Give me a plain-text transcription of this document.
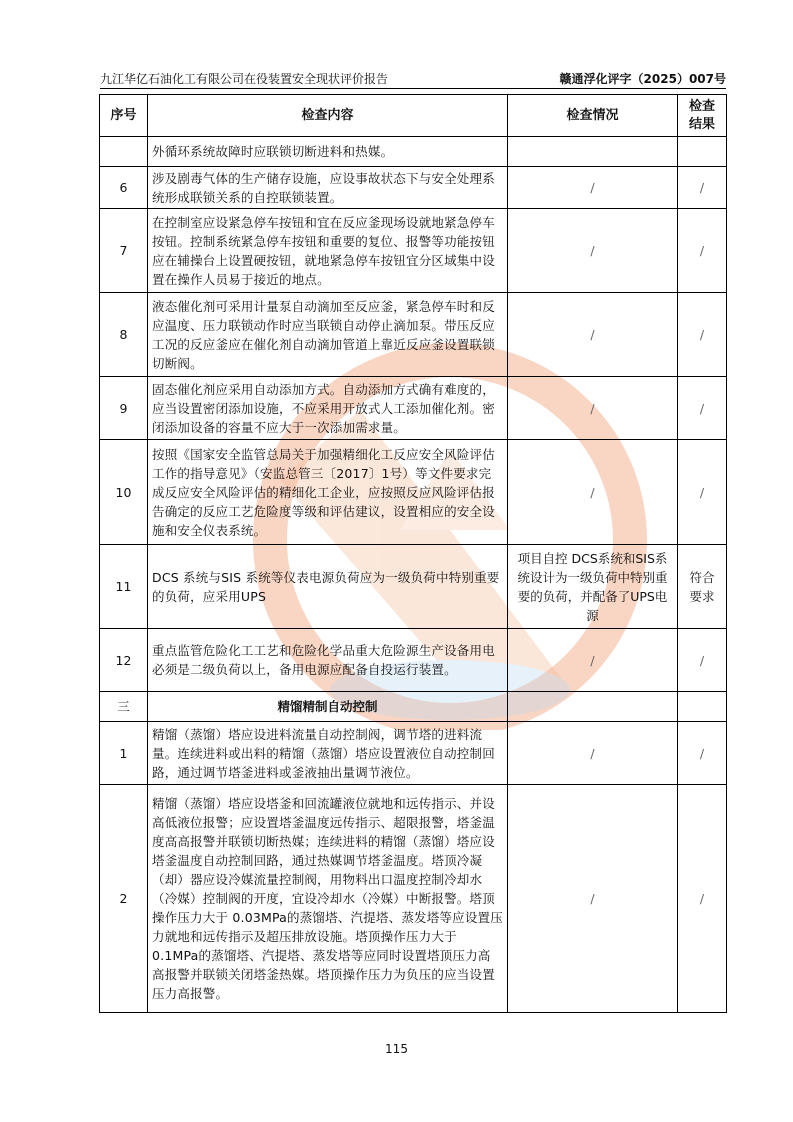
九江华亿石油化工有限公司在役装置安全现状评价报告	赣通浮化评字（2025）007号
序号	检查内容	检查情况	检查结果
	外循环系统故障时应联锁切断进料和热媒。		
6	涉及剧毒气体的生产储存设施，应设事故状态下与安全处理系统形成联锁关系的自控联锁装置。	/	/
7	在控制室应设紧急停车按钮和宜在反应釜现场设就地紧急停车按钮。控制系统紧急停车按钮和重要的复位、报警等功能按钮应在辅操台上设置硬按钮，就地紧急停车按钮宜分区域集中设置在操作人员易于接近的地点。	/	/
8	液态催化剂可采用计量泵自动滴加至反应釜，紧急停车时和反应温度、压力联锁动作时应当联锁自动停止滴加泵。带压反应工况的反应釜应在催化剂自动滴加管道上靠近反应釜设置联锁切断阀。	/	/
9	固态催化剂应采用自动添加方式。自动添加方式确有难度的，应当设置密闭添加设施，不应采用开放式人工添加催化剂。密闭添加设备的容量不应大于一次添加需求量。	/	/
10	按照《国家安全监管总局关于加强精细化工反应安全风险评估工作的指导意见》（安监总管三〔2017〕1号）等文件要求完成反应安全风险评估的精细化工企业，应按照反应风险评估报告确定的反应工艺危险度等级和评估建议，设置相应的安全设施和安全仪表系统。	/	/
11	DCS 系统与SIS 系统等仪表电源负荷应为一级负荷中特别重要的负荷，应采用UPS	项目自控 DCS系统和SIS系统设计为一级负荷中特别重要的负荷，并配备了UPS电源	符合要求
12	重点监管危险化工工艺和危险化学品重大危险源生产设备用电必须是二级负荷以上，备用电源应配备自投运行装置。	/	/
三	精馏精制自动控制		
1	精馏（蒸馏）塔应设进料流量自动控制阀，调节塔的进料流量。连续进料或出料的精馏（蒸馏）塔应设置液位自动控制回路，通过调节塔釜进料或釜液抽出量调节液位。	/	/
2	精馏（蒸馏）塔应设塔釜和回流罐液位就地和远传指示、并设高低液位报警；应设置塔釜温度远传指示、超限报警，塔釜温度高高报警并联锁切断热媒；连续进料的精馏（蒸馏）塔应设塔釜温度自动控制回路，通过热媒调节塔釜温度。塔顶冷凝（却）器应设冷媒流量控制阀，用物料出口温度控制冷却水（冷媒）控制阀的开度，宜设冷却水（冷媒）中断报警。塔顶操作压力大于 0.03MPa的蒸馏塔、汽提塔、蒸发塔等应设置压力就地和远传指示及超压排放设施。塔顶操作压力大于 0.1MPa的蒸馏塔、汽提塔、蒸发塔等应同时设置塔顶压力高高报警并联锁关闭塔釜热媒。塔顶操作压力为负压的应当设置压力高报警。	/	/
115
